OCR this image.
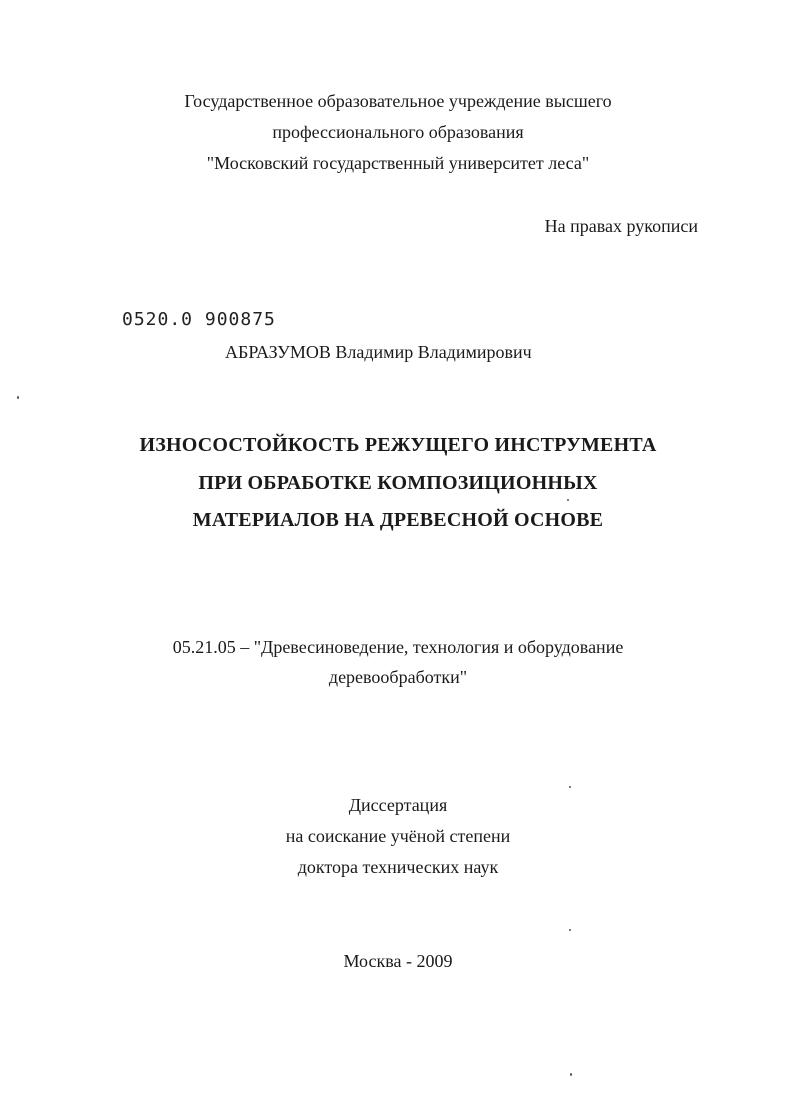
Государственное образовательное учреждение высшего
профессионального образования
"Московский государственный университет леса"
На правах рукописи
0520.0 900875
АБРАЗУМОВ Владимир Владимирович
ИЗНОСОСТОЙКОСТЬ РЕЖУЩЕГО ИНСТРУМЕНТА
ПРИ ОБРАБОТКЕ КОМПОЗИЦИОННЫХ
МАТЕРИАЛОВ НА ДРЕВЕСНОЙ ОСНОВЕ
05.21.05 – "Древесиноведение, технология и оборудование
деревообработки"
Диссертация
на соискание учёной степени
доктора технических наук
Москва - 2009
